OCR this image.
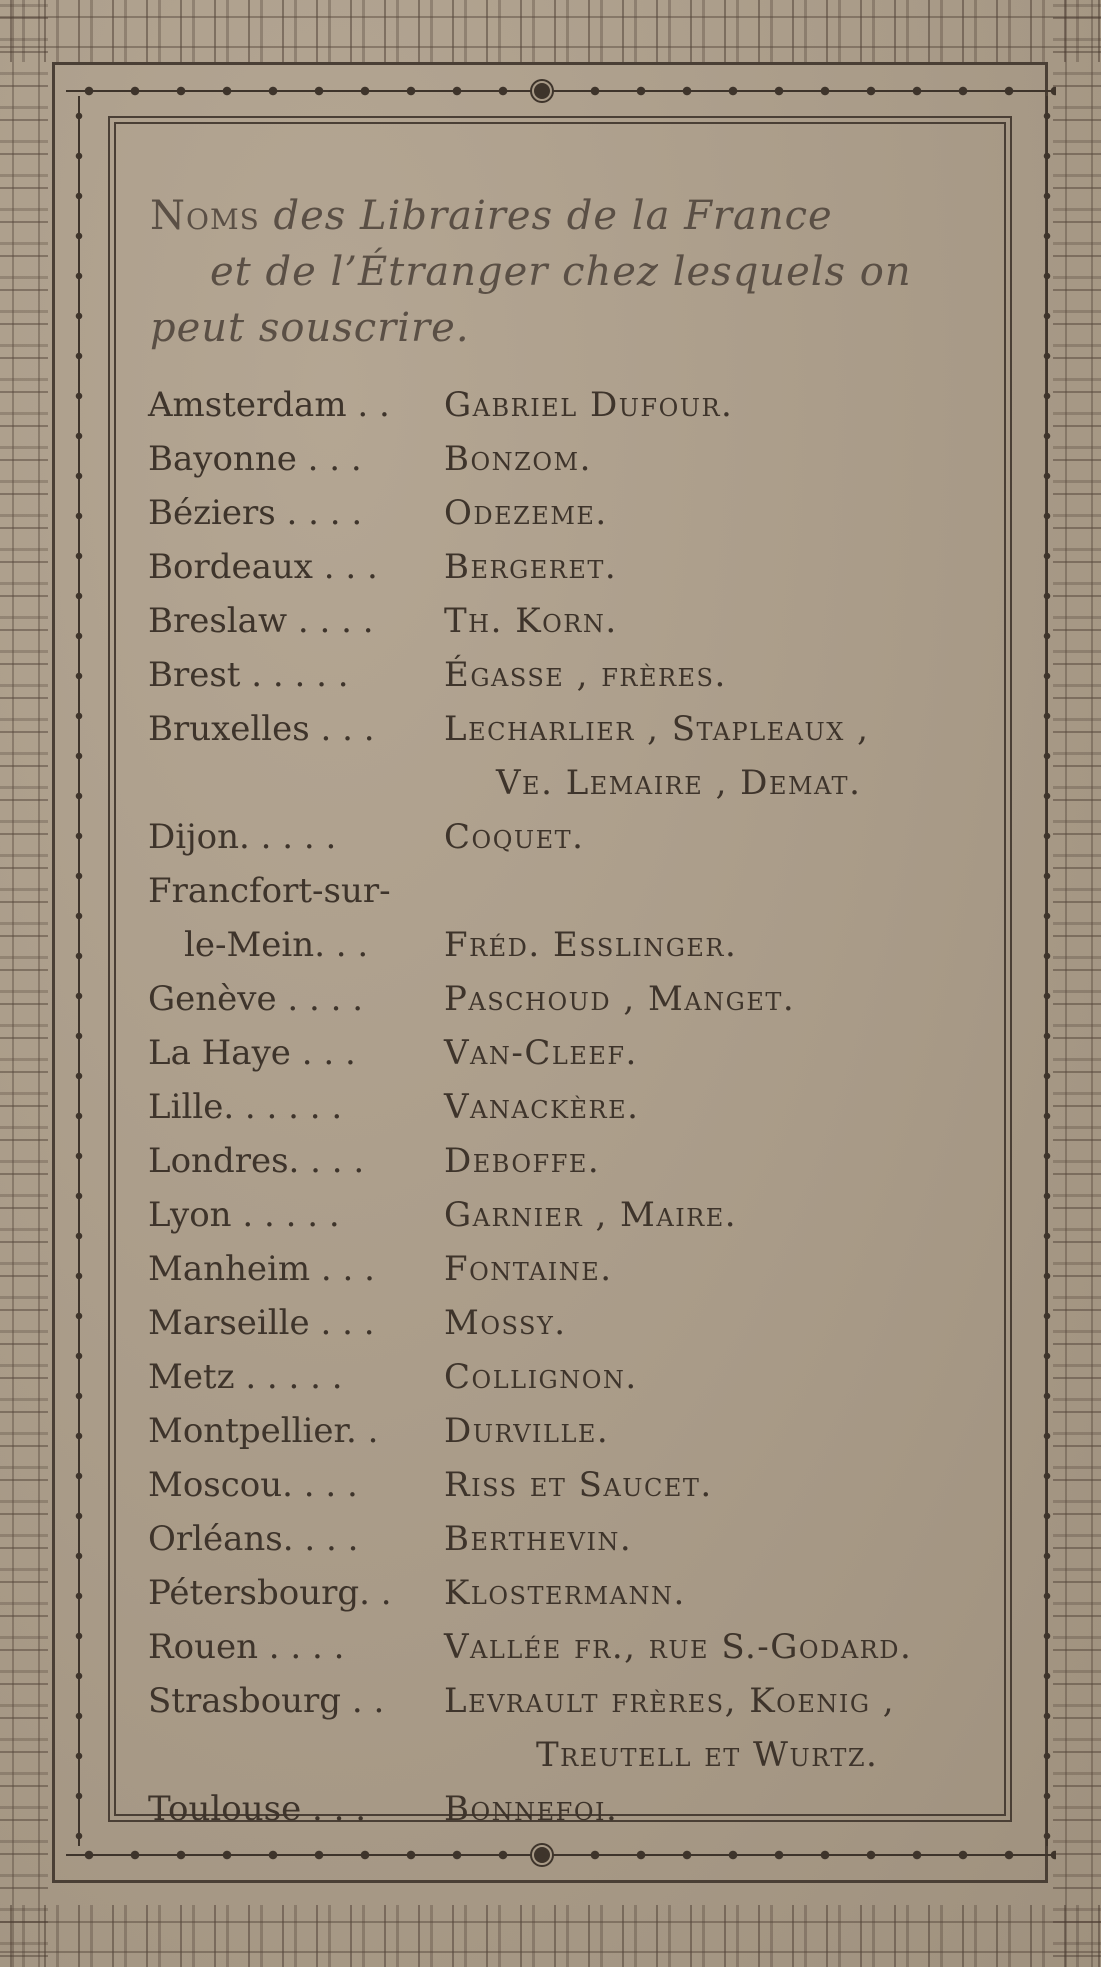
Noms des Libraires de la France
et de l’Étranger chez lesquels on
peut souscrire.
Amsterdam . .	Gabriel Dufour.
Bayonne . . .	Bonzom.
Béziers . . . .	Odezeme.
Bordeaux . . .	Bergeret.
Breslaw . . . .	Th. Korn.
Brest . . . . .	Égasse , frères.
Bruxelles . . .	Lecharlier , Stapleaux ,
Ve. Lemaire , Demat.
Dijon. . . . .	Coquet.
Francfort-sur-
le-Mein. . .	Fréd. Esslinger.
Genève . . . .	Paschoud , Manget.
La Haye . . .	Van-Cleef.
Lille. . . . . .	Vanackère.
Londres. . . .	Deboffe.
Lyon . . . . .	Garnier , Maire.
Manheim . . .	Fontaine.
Marseille . . .	Mossy.
Metz . . . . .	Collignon.
Montpellier. .	Durville.
Moscou. . . .	Riss et Saucet.
Orléans. . . .	Berthevin.
Pétersbourg. .	Klostermann.
Rouen . . . .	Vallée fr., rue S.-Godard.
Strasbourg . .	Levrault frères, Koenig ,
Treutell et Wurtz.
Toulouse . . .	Bonnefoi.
